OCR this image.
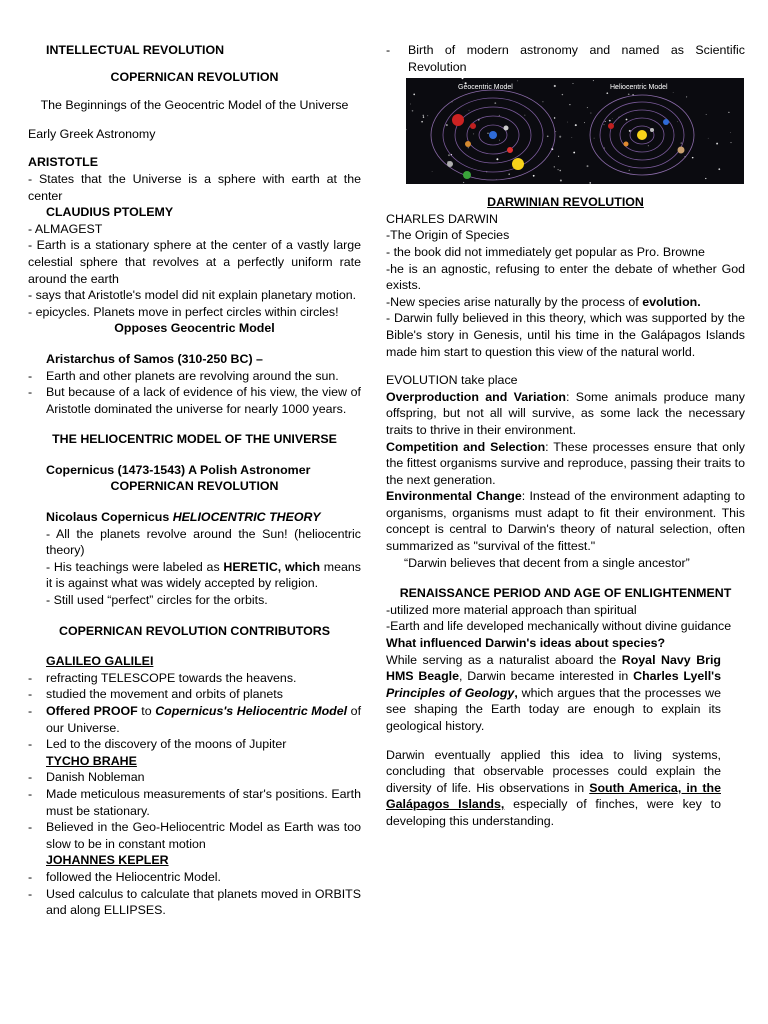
INTELLECTUAL REVOLUTION

COPERNICAN REVOLUTION

The Beginnings of the Geocentric Model of the Universe

Early Greek Astronomy

ARISTOTLE

- States that the Universe is a sphere with earth at the center

CLAUDIUS PTOLEMY

- ALMAGEST

- Earth is a stationary sphere at the center of a vastly large celestial sphere that revolves at a perfectly uniform rate around the earth

- says that Aristotle's model did nit explain planetary motion.

- epicycles. Planets move in perfect circles within circles!

Opposes Geocentric Model

Aristarchus of Samos (310-250 BC) –

- Earth and other planets are revolving around the sun.
- But because of a lack of evidence of his view, the view of Aristotle dominated the universe for nearly 1000 years.

THE HELIOCENTRIC MODEL OF THE UNIVERSE

Copernicus (1473-1543) A Polish Astronomer

COPERNICAN REVOLUTION

Nicolaus Copernicus HELIOCENTRIC THEORY

- All the planets revolve around the Sun! (heliocentric theory)

- His teachings were labeled as HERETIC, which means it is against what was widely accepted by religion.

- Still used “perfect” circles for the orbits.

COPERNICAN REVOLUTION CONTRIBUTORS

GALILEO GALILEI

- refracting TELESCOPE towards the heavens.
- studied the movement and orbits of planets
- Offered PROOF to Copernicus's Heliocentric Model of our Universe.
- Led to the discovery of the moons of Jupiter

TYCHO BRAHE

- Danish Nobleman
- Made meticulous measurements of star's positions. Earth must be stationary.
- Believed in the Geo-Heliocentric Model as Earth was too slow to be in constant motion

JOHANNES KEPLER

- followed the Heliocentric Model.
- Used calculus to calculate that planets moved in ORBITS and along ELLIPSES.
- Birth of modern astronomy and named as Scientific Revolution
Geocentric Model	Heliocentric Model

DARWINIAN REVOLUTION

CHARLES DARWIN

-The Origin of Species

- the book did not immediately get popular as Pro. Browne

-he is an agnostic, refusing to enter the debate of whether God exists.

-New species arise naturally by the process of evolution.

- Darwin fully believed in this theory, which was supported by the Bible's story in Genesis, until his time in the Galápagos Islands made him start to question this view of the natural world.

EVOLUTION take place

Overproduction and Variation: Some animals produce many offspring, but not all will survive, as some lack the necessary traits to thrive in their environment.

Competition and Selection: These processes ensure that only the fittest organisms survive and reproduce, passing their traits to the next generation.

Environmental Change: Instead of the environment adapting to organisms, organisms must adapt to fit their environment. This concept is central to Darwin's theory of natural selection, often summarized as "survival of the fittest."

“Darwin believes that decent from a single ancestor”

RENAISSANCE PERIOD AND AGE OF ENLIGHTENMENT

-utilized more material approach than spiritual

-Earth and life developed mechanically without divine guidance

What influenced Darwin's ideas about species?

While serving as a naturalist aboard the Royal Navy Brig HMS Beagle, Darwin became interested in Charles Lyell's Principles of Geology, which argues that the processes we see shaping the Earth today are enough to explain its geological history.

Darwin eventually applied this idea to living systems, concluding that observable processes could explain the diversity of life. His observations in South America, in the Galápagos Islands, especially of finches, were key to developing this understanding.
